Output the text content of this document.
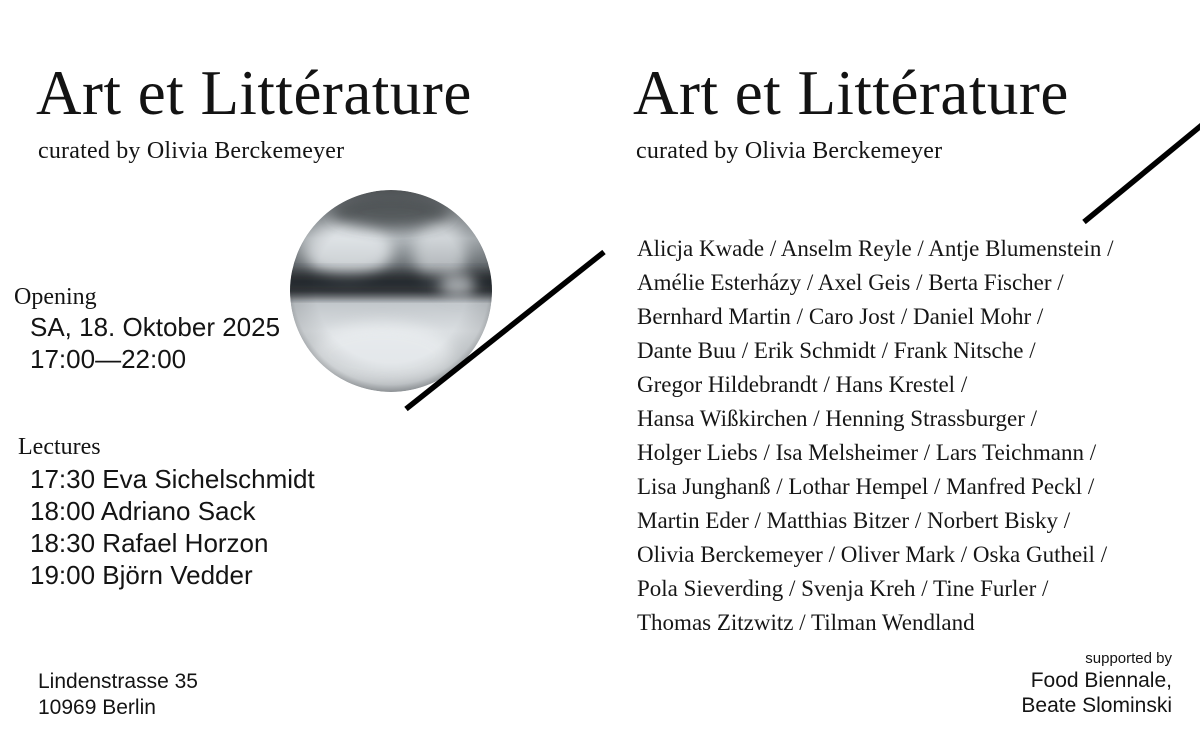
Art et Littérature
curated by Olivia Berckemeyer
Opening
SA, 18. Oktober 2025
17:00—22:00
Lectures
17:30 Eva Sichelschmidt
18:00 Adriano Sack
18:30 Rafael Horzon
19:00 Björn Vedder
Lindenstrasse 35
10969 Berlin
Art et Littérature
curated by Olivia Berckemeyer
Alicja Kwade / Anselm Reyle / Antje Blumenstein /
Amélie Esterházy / Axel Geis / Berta Fischer /
Bernhard Martin / Caro Jost / Daniel Mohr /
Dante Buu / Erik Schmidt / Frank Nitsche /
Gregor Hildebrandt / Hans Krestel /
Hansa Wißkirchen / Henning Strassburger /
Holger Liebs / Isa Melsheimer / Lars Teichmann /
Lisa Junghanß / Lothar Hempel / Manfred Peckl /
Martin Eder / Matthias Bitzer / Norbert Bisky /
Olivia Berckemeyer / Oliver Mark / Oska Gutheil /
Pola Sieverding / Svenja Kreh / Tine Furler /
Thomas Zitzwitz / Tilman Wendland
supported by
Food Biennale,
Beate Slominski
